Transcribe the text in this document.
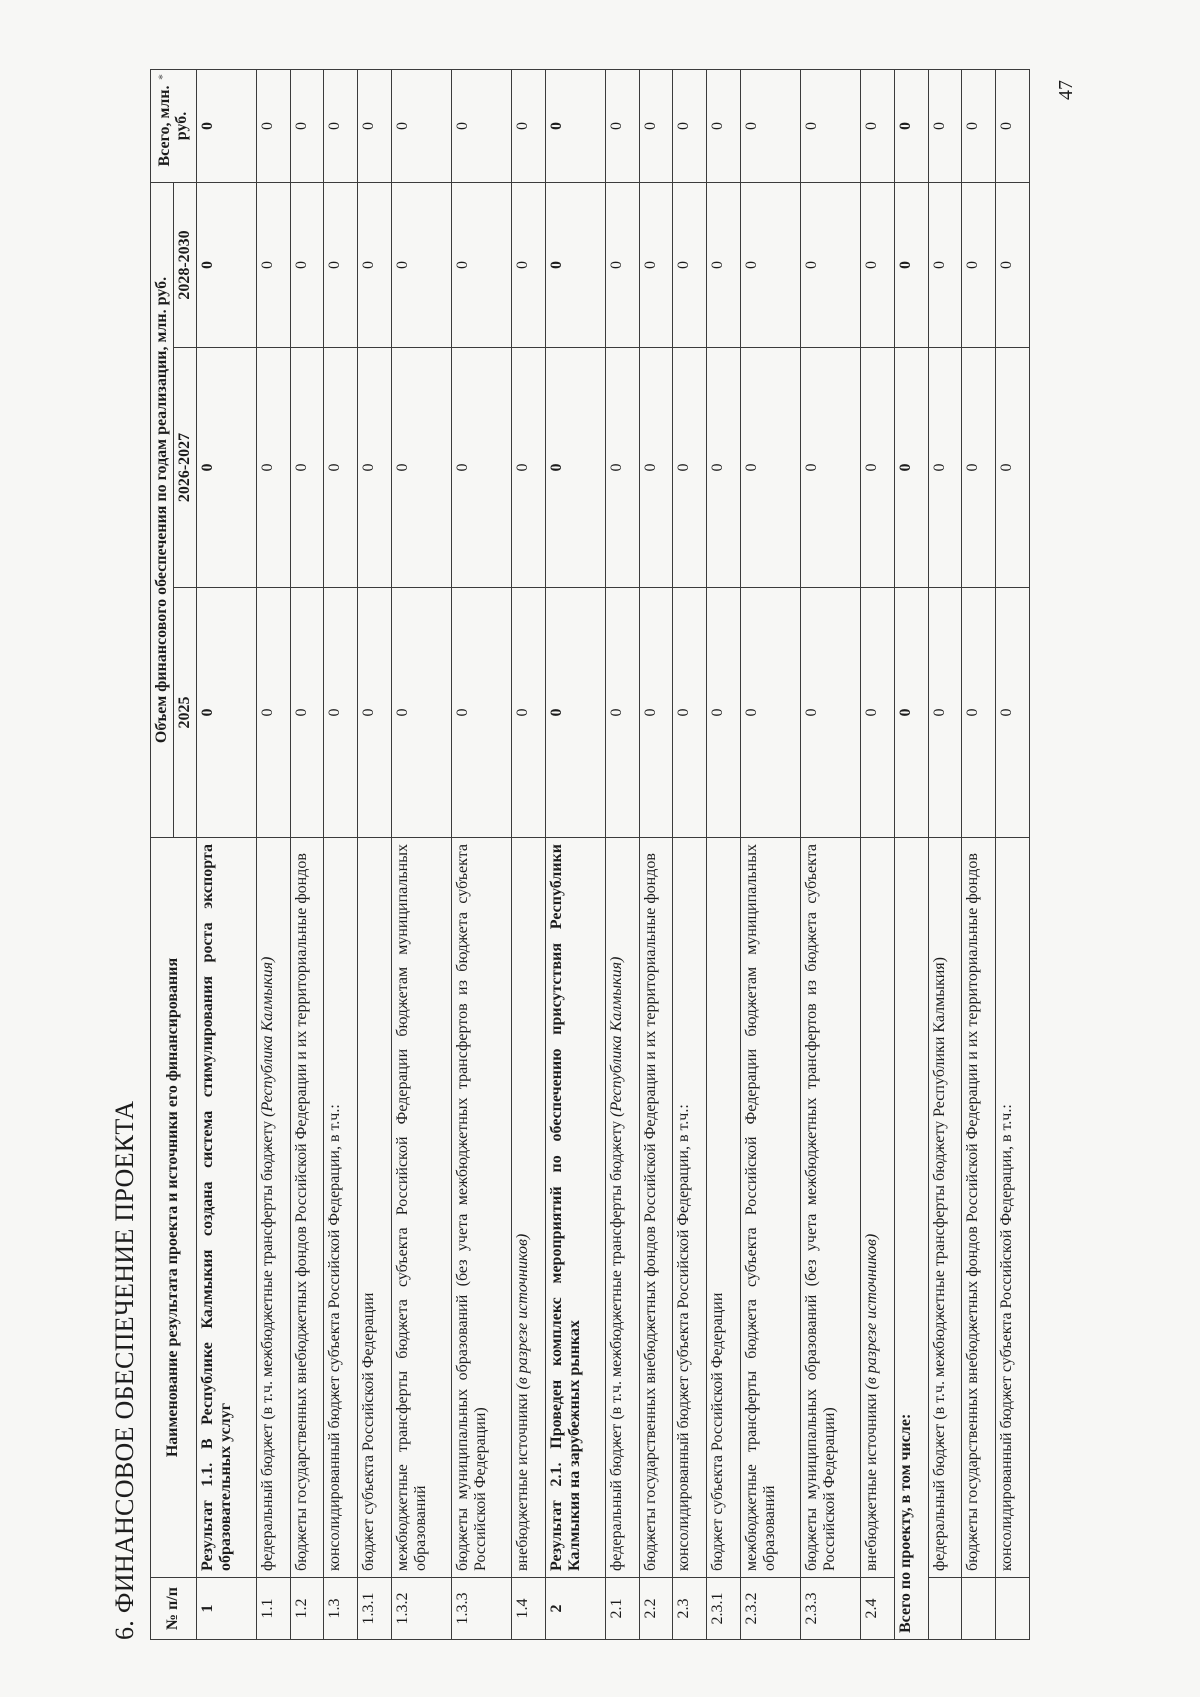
6. ФИНАНСОВОЕ ОБЕСПЕЧЕНИЕ ПРОЕКТА
*
№ п/п	Наименование результата проекта и источники его финансирования	Объем финансового обеспечения по годам реализации, млн. руб.			Всего, млн. руб.
		2025	2026-2027	2028-2030	
1	Результат 1.1. В Республике Калмыкия создана система стимулирования роста экспорта образовательных услуг	0	0	0	0
1.1	федеральный бюджет (в т.ч. межбюджетные трансферты бюджету (Республика Калмыкия)	0	0	0	0
1.2	бюджеты государственных внебюджетных фондов Российской Федерации и их территориальные фондов	0	0	0	0
1.3	консолидированный бюджет субъекта Российской Федерации, в т.ч.:	0	0	0	0
1.3.1	бюджет субъекта Российской Федерации	0	0	0	0
1.3.2	межбюджетные трансферты бюджета субъекта Российской Федерации бюджетам муниципальных образований	0	0	0	0
1.3.3	бюджеты муниципальных образований (без учета межбюджетных трансфертов из бюджета субъекта Российской Федерации)	0	0	0	0
1.4	внебюджетные источники (в разрезе источников)	0	0	0	0
2	Результат 2.1. Проведен комплекс мероприятий по обеспечению присутствия Республики Калмыкия на зарубежных рынках	0	0	0	0
2.1	федеральный бюджет (в т.ч. межбюджетные трансферты бюджету (Республика Калмыкия)	0	0	0	0
2.2	бюджеты государственных внебюджетных фондов Российской Федерации и их территориальные фондов	0	0	0	0
2.3	консолидированный бюджет субъекта Российской Федерации, в т.ч.:	0	0	0	0
2.3.1	бюджет субъекта Российской Федерации	0	0	0	0
2.3.2	межбюджетные трансферты бюджета субъекта Российской Федерации бюджетам муниципальных образований	0	0	0	0
2.3.3	бюджеты муниципальных образований (без учета межбюджетных трансфертов из бюджета субъекта Российской Федерации)	0	0	0	0
2.4	внебюджетные источники (в разрезе источников)	0	0	0	0
Всего по проекту, в том числе:		0	0	0	0
	федеральный бюджет (в т.ч. межбюджетные трансферты бюджету Республики Калмыкия)	0	0	0	0
	бюджеты государственных внебюджетных фондов Российской Федерации и их территориальные фондов	0	0	0	0
	консолидированный бюджет субъекта Российской Федерации, в т.ч.:	0	0	0	0
47
